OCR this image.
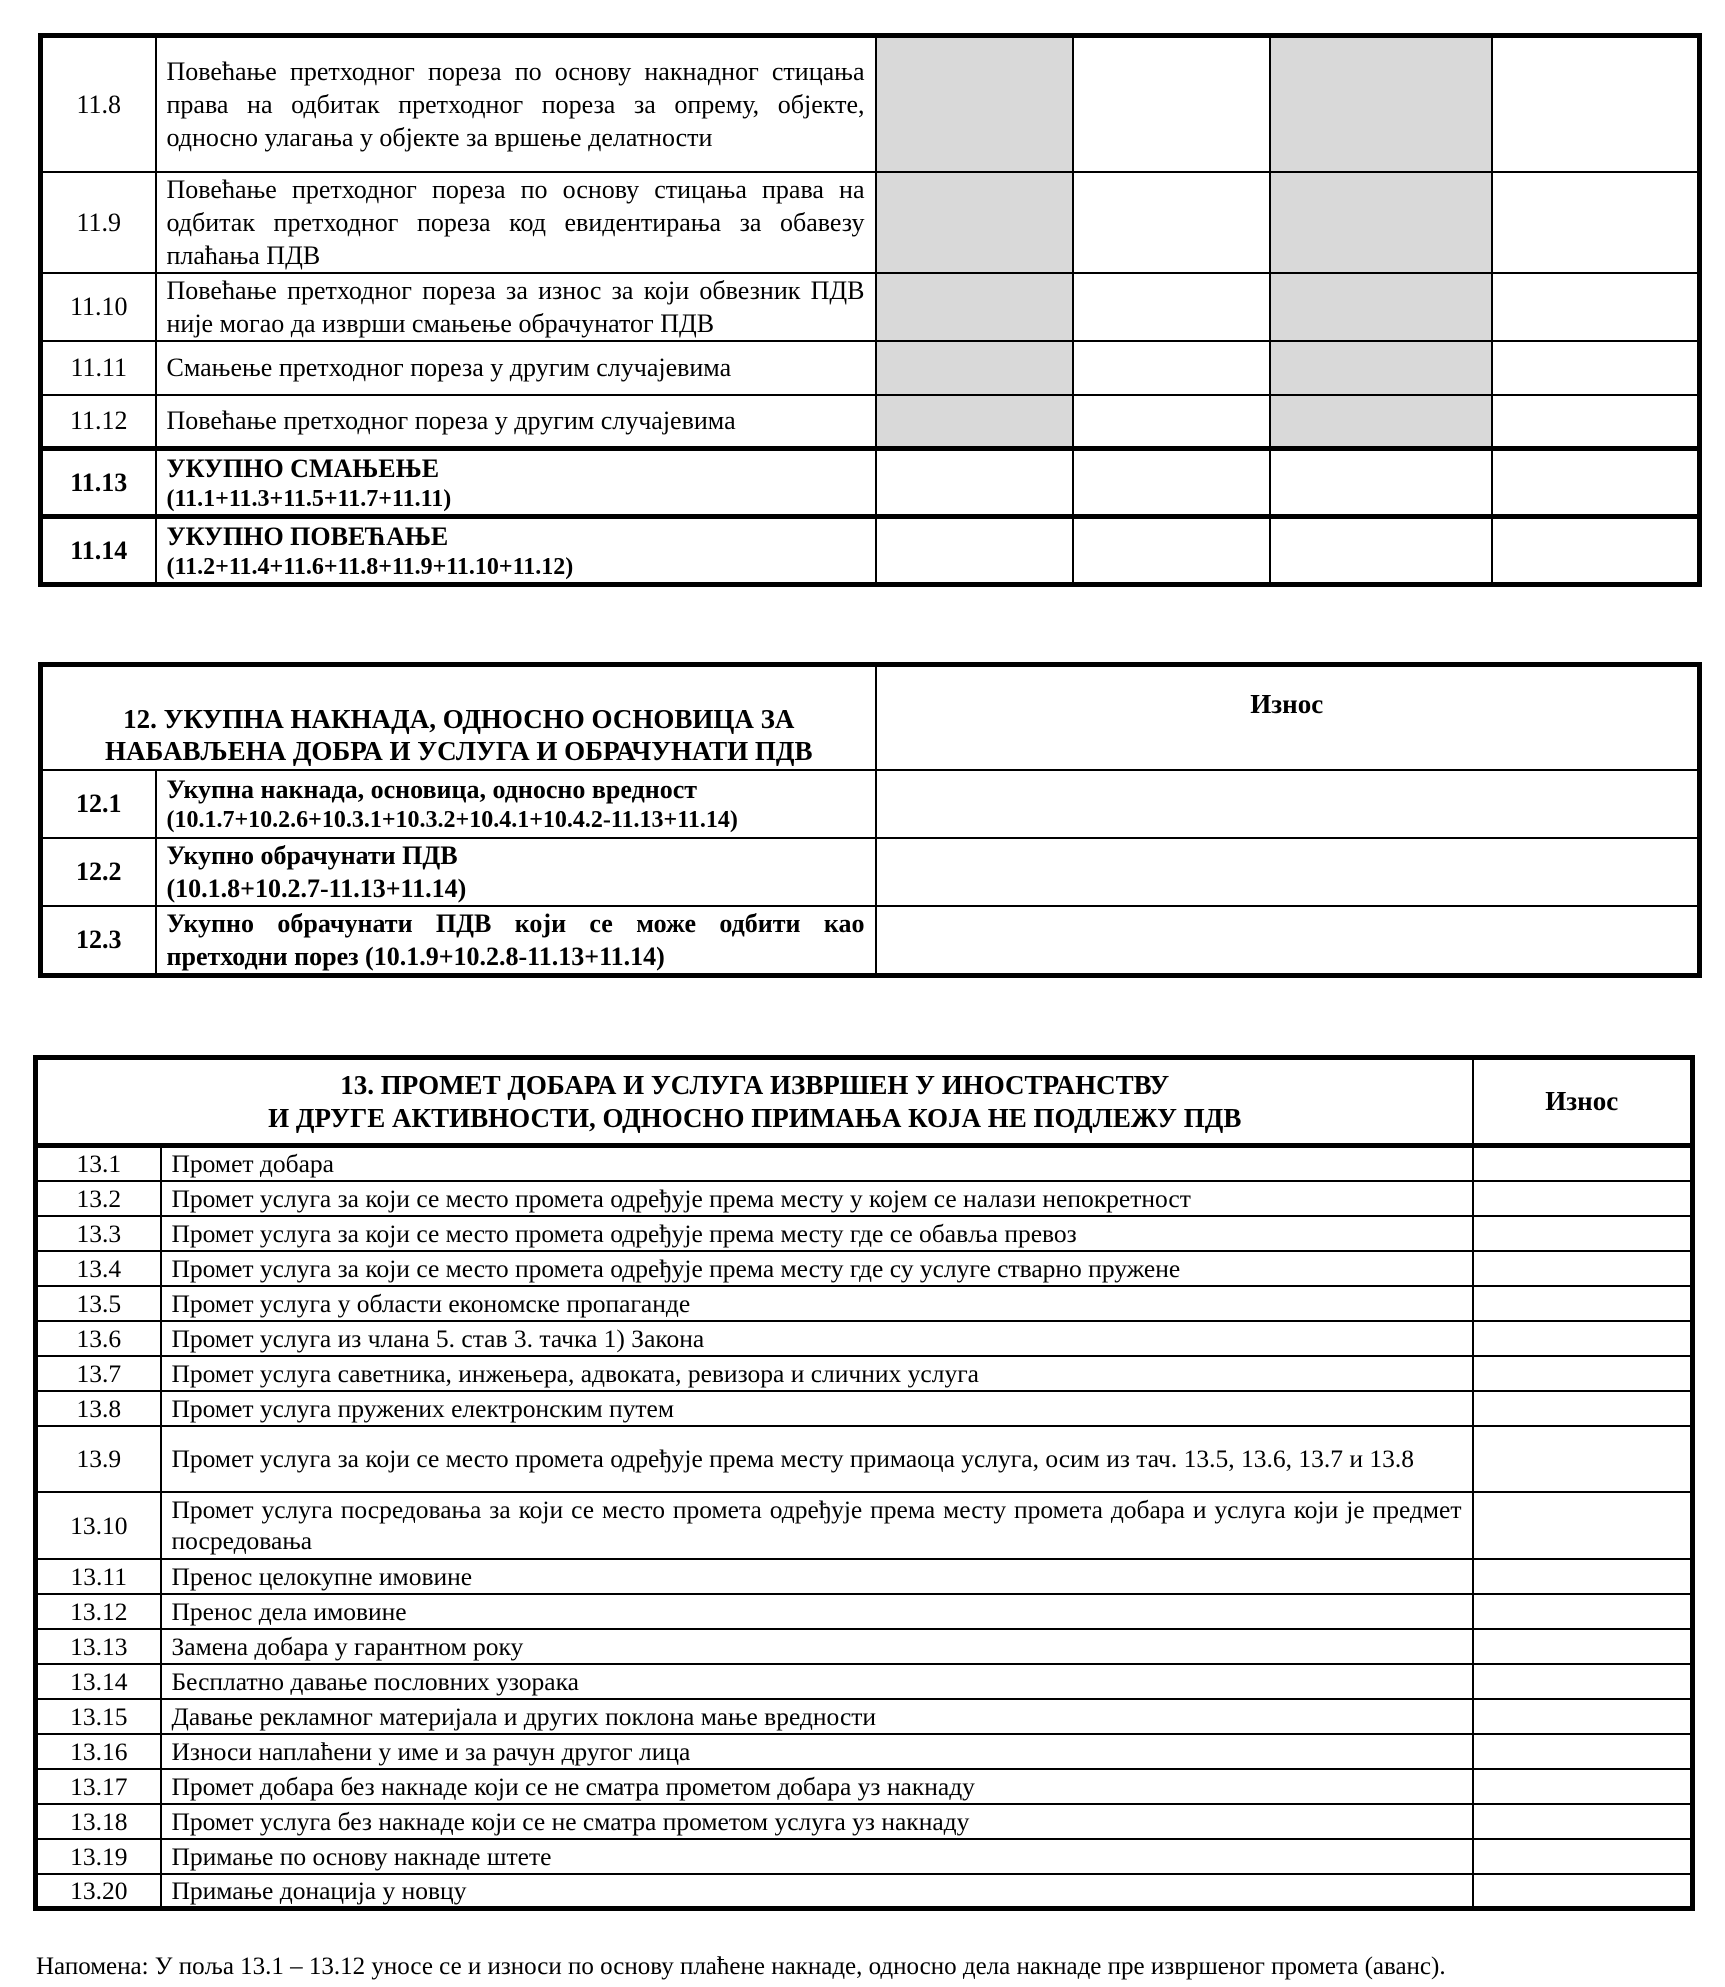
11.8	Повећање претходног пореза по основу накнадног стицања права на одбитак претходног пореза за опрему, објекте, односно улагања у објекте за вршење делатности				
11.9	Повећање претходног пореза по основу стицања права на одбитак претходног пореза код евидентирања за обавезу плаћања ПДВ				
11.10	Повећање претходног пореза за износ за који обвезник ПДВ није могао да изврши смањење обрачунатог ПДВ				
11.11	Смањење претходног пореза у другим случајевима				
11.12	Повећање претходног пореза у другим случајевима				
11.13	УКУПНО СМАЊЕЊЕ
(11.1+11.3+11.5+11.7+11.11)				

11.14	УКУПНО ПОВЕЋАЊЕ
(11.2+11.4+11.6+11.8+11.9+11.10+11.12)				

12. УКУПНА НАКНАДА, ОДНОСНО ОСНОВИЦА ЗА НАБАВЉЕНА ДОБРА И УСЛУГА И ОБРАЧУНАТИ ПДВ		Износ
12.1	Укупна накнада, основица, односно вредност
(10.1.7+10.2.6+10.3.1+10.3.2+10.4.1+10.4.2-11.13+11.14)	

12.2	Укупно обрачунати ПДВ
(10.1.8+10.2.7-11.13+11.14)	

12.3	Укупно обрачунати ПДВ који се може одбити као претходни порез (10.1.9+10.2.8-11.13+11.14)	
13. ПРОМЕТ ДОБАРА И УСЛУГА ИЗВРШЕН У ИНОСТРАНСТВУ
И ДРУГЕ АКТИВНОСТИ, ОДНОСНО ПРИМАЊА КОЈА НЕ ПОДЛЕЖУ ПДВ		Износ
13.1	Промет добара	
13.2	Промет услуга за који се место промета одређује према месту у којем се налази непокретност	
13.3	Промет услуга за који се место промета одређује према месту где се обавља превоз	
13.4	Промет услуга за који се место промета одређује према месту где су услуге стварно пружене	
13.5	Промет услуга у области економске пропаганде	
13.6	Промет услуга из члана 5. став 3. тачка 1) Закона	
13.7	Промет услуга саветника, инжењера, адвоката, ревизора и сличних услуга	
13.8	Промет услуга пружених електронским путем	
13.9	Промет услуга за који се место промета одређује према месту примаоца услуга, осим из тач. 13.5, 13.6, 13.7 и 13.8	
13.10	Промет услуга посредовања за који се место промета одређује према месту промета добара и услуга који је предмет посредовања	
13.11	Пренос целокупне имовине	
13.12	Пренос дела имовине	
13.13	Замена добара у гарантном року	
13.14	Бесплатно давање пословних узорака	
13.15	Давање рекламног материјала и других поклона мање вредности	
13.16	Износи наплаћени у име и за рачун другог лица	
13.17	Промет добара без накнаде који се не сматра прометом добара уз накнаду	
13.18	Промет услуга без накнаде који се не сматра прометом услуга уз накнаду	
13.19	Примање по основу накнаде штете	
13.20	Примање донација у новцу	
Напомена: У поља 13.1 – 13.12 уносе се и износи по основу плаћене накнаде, односно дела накнаде пре извршеног промета (аванс).
